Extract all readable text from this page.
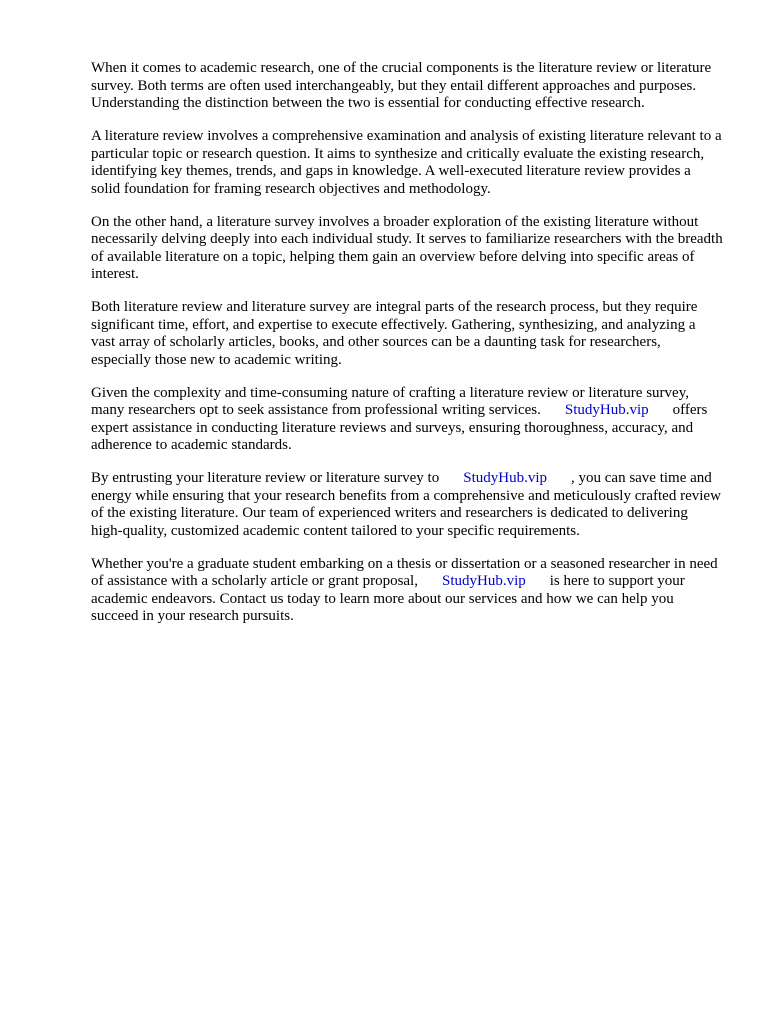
When it comes to academic research, one of the crucial components is the literature review or literature survey. Both terms are often used interchangeably, but they entail different approaches and purposes. Understanding the distinction between the two is essential for conducting effective research.

A literature review involves a comprehensive examination and analysis of existing literature relevant to a particular topic or research question. It aims to synthesize and critically evaluate the existing research, identifying key themes, trends, and gaps in knowledge. A well-executed literature review provides a solid foundation for framing research objectives and methodology.

On the other hand, a literature survey involves a broader exploration of the existing literature without necessarily delving deeply into each individual study. It serves to familiarize researchers with the breadth of available literature on a topic, helping them gain an overview before delving into specific areas of interest.

Both literature review and literature survey are integral parts of the research process, but they require significant time, effort, and expertise to execute effectively. Gathering, synthesizing, and analyzing a vast array of scholarly articles, books, and other sources can be a daunting task for researchers, especially those new to academic writing.

Given the complexity and time-consuming nature of crafting a literature review or literature survey, many researchers opt to seek assistance from professional writing services. StudyHub.vip offers expert assistance in conducting literature reviews and surveys, ensuring thoroughness, accuracy, and adherence to academic standards.

By entrusting your literature review or literature survey to StudyHub.vip , you can save time and energy while ensuring that your research benefits from a comprehensive and meticulously crafted review of the existing literature. Our team of experienced writers and researchers is dedicated to delivering high-quality, customized academic content tailored to your specific requirements.

Whether you're a graduate student embarking on a thesis or dissertation or a seasoned researcher in need of assistance with a scholarly article or grant proposal, StudyHub.vip is here to support your academic endeavors. Contact us today to learn more about our services and how we can help you succeed in your research pursuits.
